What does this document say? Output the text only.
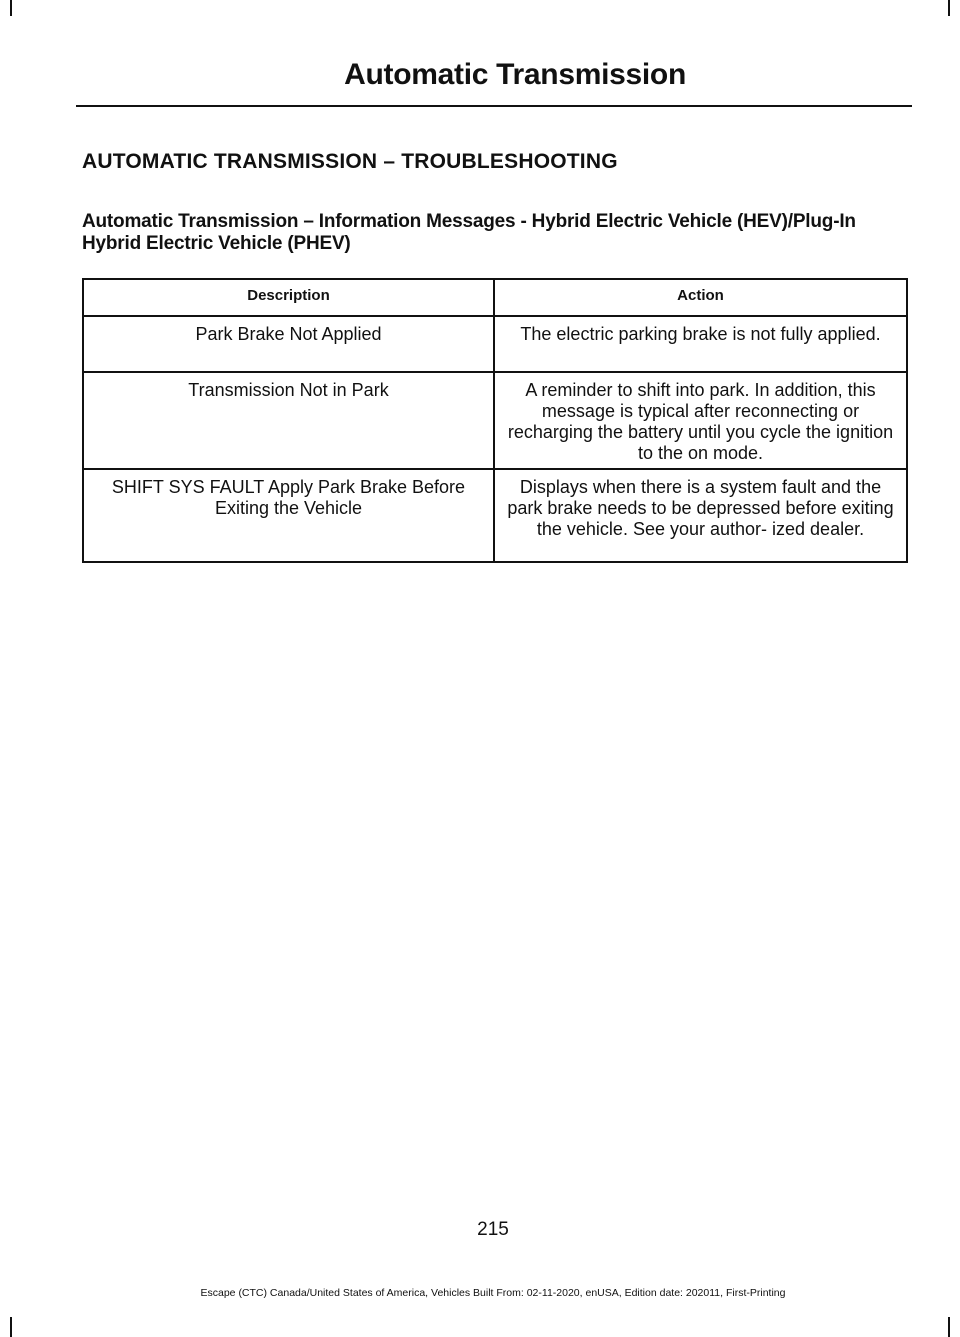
Automatic Transmission
AUTOMATIC TRANSMISSION – TROUBLESHOOTING
Automatic Transmission – Information Messages - Hybrid Electric Vehicle (HEV)/Plug-In Hybrid Electric Vehicle (PHEV)
Description	Action
Park Brake Not Applied	The electric parking brake is not fully applied.
Transmission Not in Park	A reminder to shift into park. In addition, this message is typical after reconnecting or recharging the battery until you cycle the ignition to the on mode.
SHIFT SYS FAULT Apply Park Brake Before Exiting the Vehicle	Displays when there is a system fault and the park brake needs to be depressed before exiting the vehicle. See your author- ized dealer.
215
Escape (CTC) Canada/United States of America, Vehicles Built From: 02-11-2020, enUSA, Edition date: 202011, First-Printing
